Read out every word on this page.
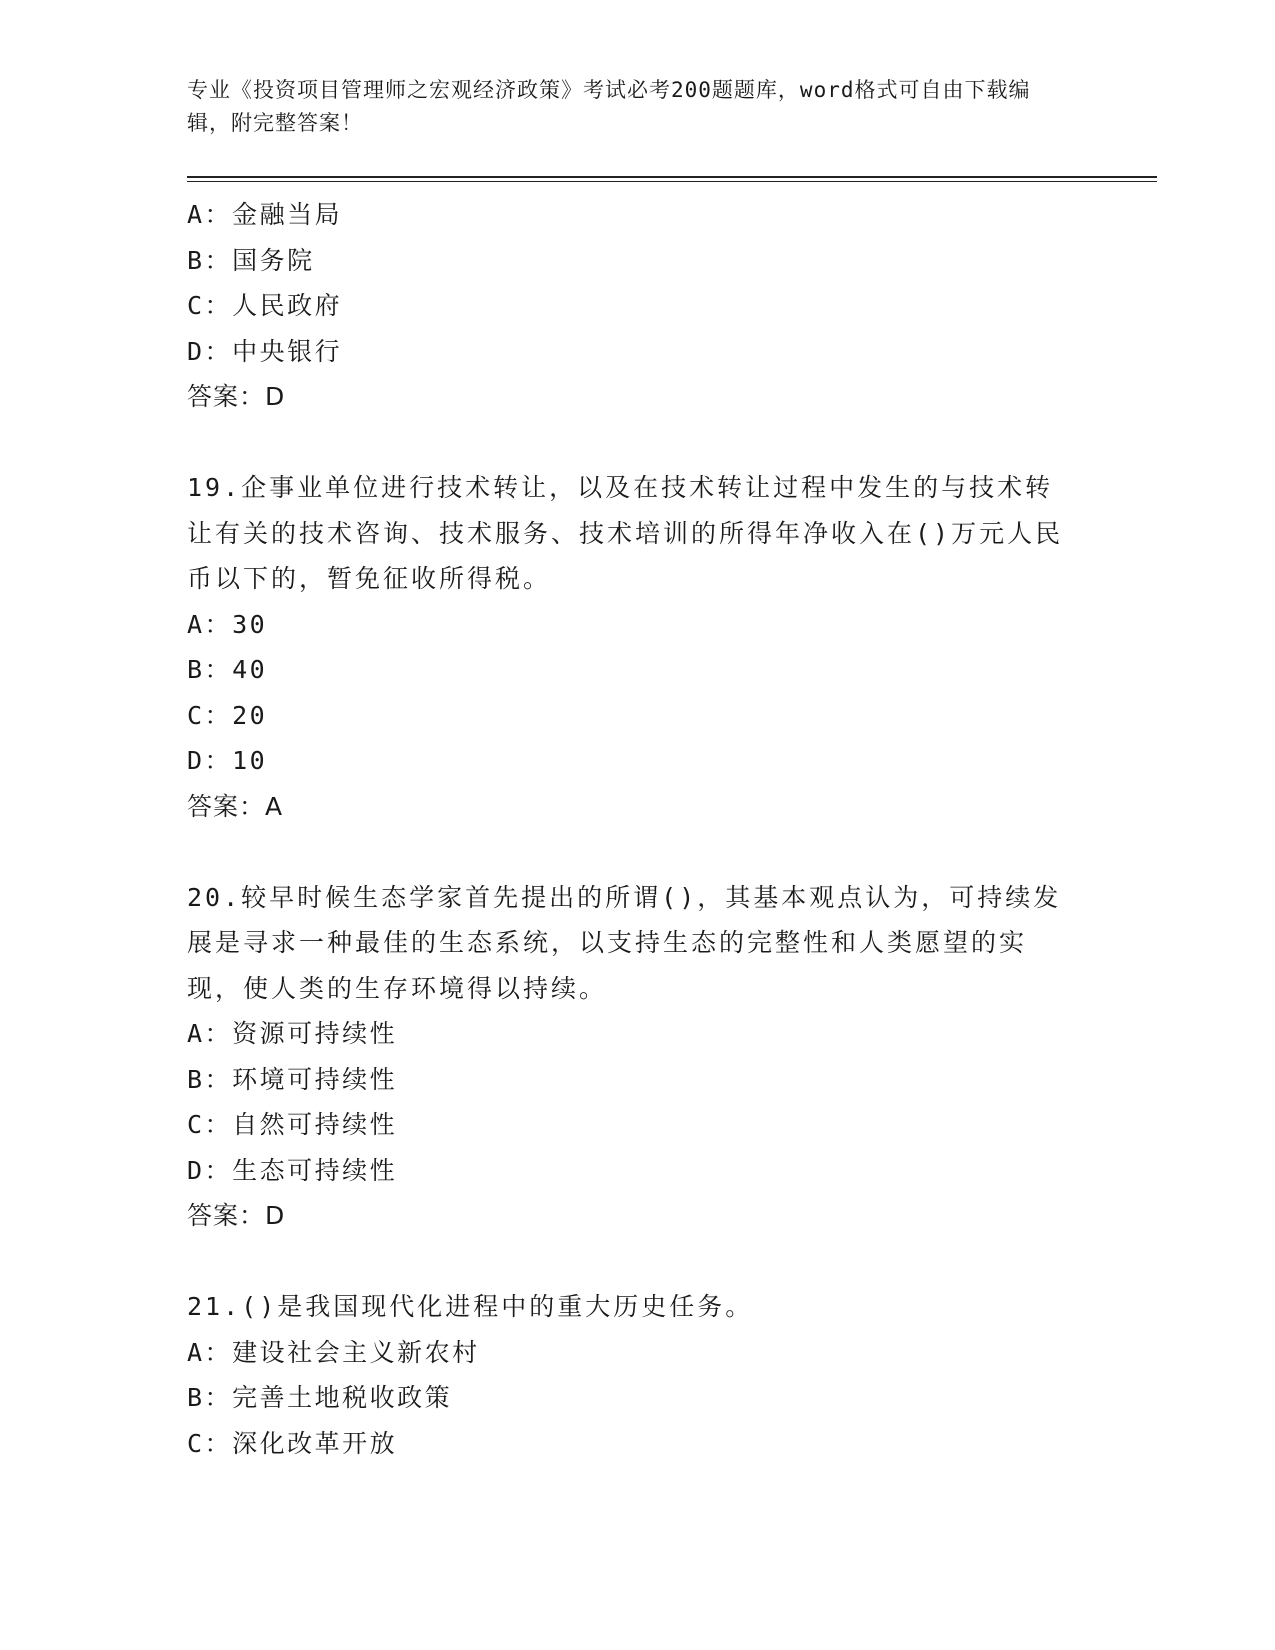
专业《投资项目管理师之宏观经济政策》考试必考200题题库，word格式可自由下载编辑，附完整答案！
A：金融当局
B：国务院
C：人民政府
D：中央银行
答案：D
19.企事业单位进行技术转让，以及在技术转让过程中发生的与技术转让有关的技术咨询、技术服务、技术培训的所得年净收入在()万元人民币以下的，暂免征收所得税。
A：30
B：40
C：20
D：10
答案：A
20.较早时候生态学家首先提出的所谓()，其基本观点认为，可持续发展是寻求一种最佳的生态系统，以支持生态的完整性和人类愿望的实现，使人类的生存环境得以持续。
A：资源可持续性
B：环境可持续性
C：自然可持续性
D：生态可持续性
答案：D
21.()是我国现代化进程中的重大历史任务。
A：建设社会主义新农村
B：完善土地税收政策
C：深化改革开放
